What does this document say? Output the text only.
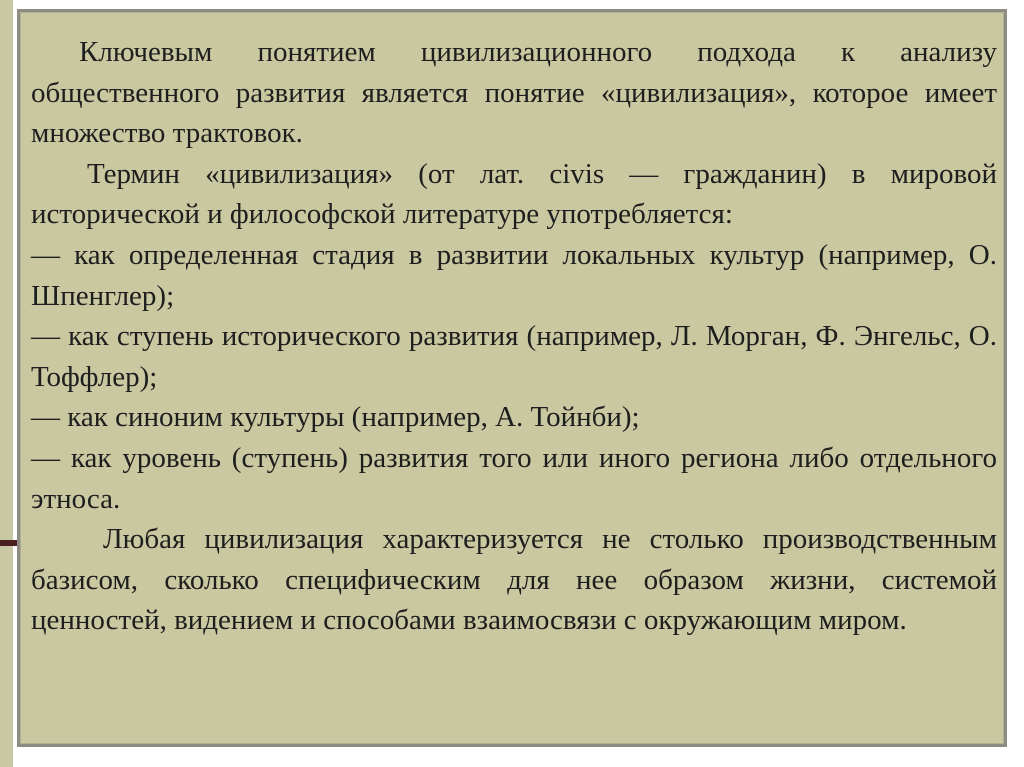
Ключевым понятием цивилизационного подхода к анализу общественного развития является понятие «цивилизация», которое имеет множество трактовок.

Термин «цивилизация» (от лат. civis — гражданин) в мировой исторической и философской литературе употребляется:

— как определенная стадия в развитии локальных культур (например, О. Шпенглер);

— как ступень исторического развития (например, Л. Морган, Ф. Энгельс, О. Тоффлер);

— как синоним культуры (например, А. Тойнби);

— как уровень (ступень) развития того или иного региона либо отдельного этноса.

Любая цивилизация характеризуется не столько производственным базисом, сколько специфическим для нее образом жизни, системой ценностей, видением и способами взаимосвязи с окружающим миром.
